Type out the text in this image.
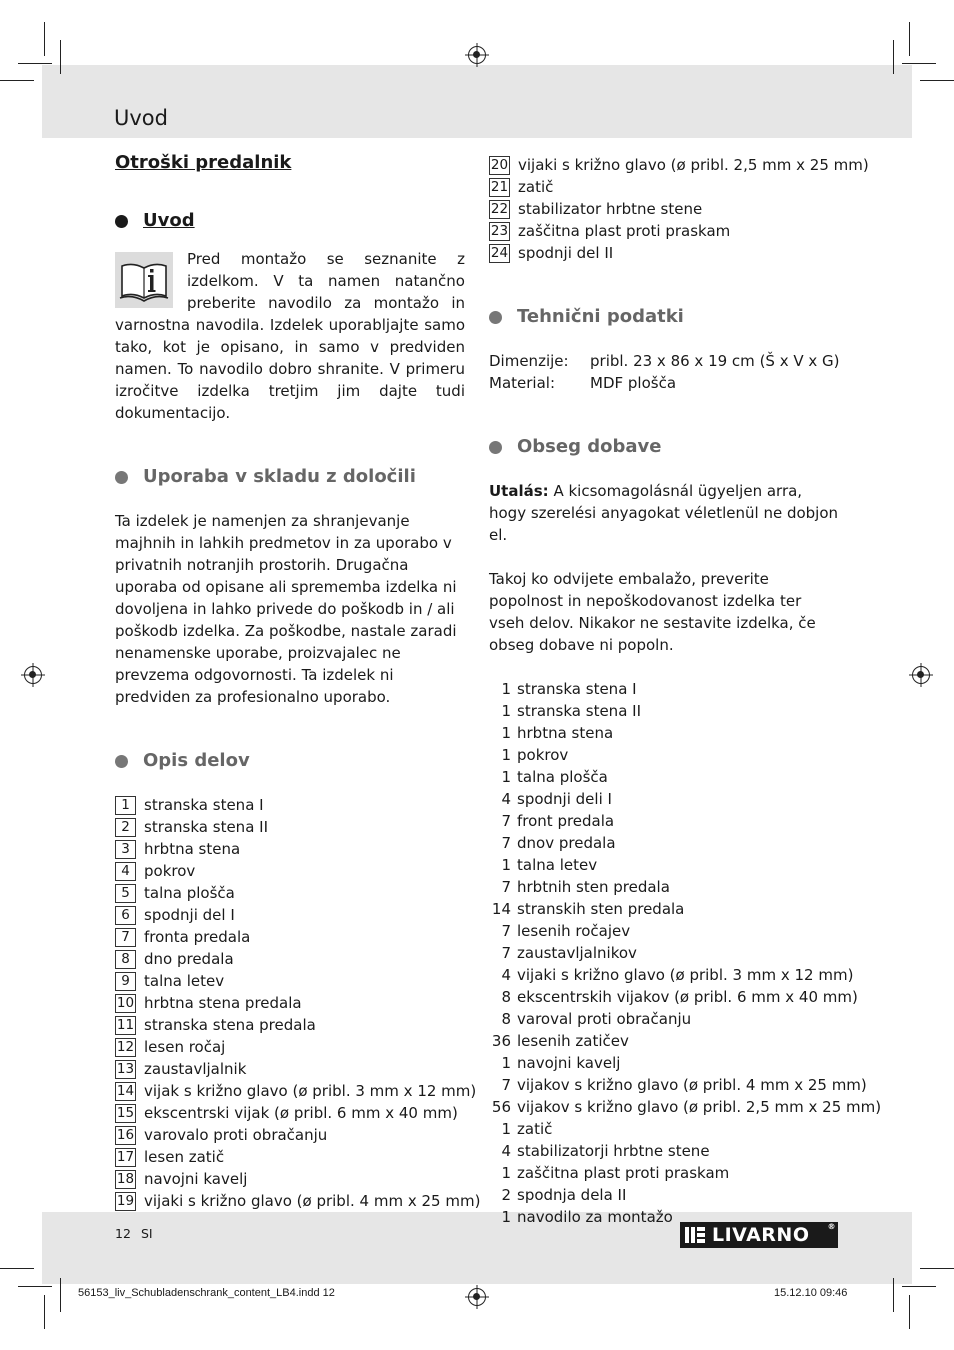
Uvod
Otroški predalnik
Uvod

Pred montažo se seznanite z izdelkom. V ta namen natančno preberite navodilo za montažo in varnostna navodila. Izdelek uporabljajte samo tako, kot je opisano, in samo v predviden namen. To navodilo dobro shranite. V primeru izročitve izdelka tretjim jim dajte tudi dokumentacijo.

Uporaba v skladu z določili

Ta izdelek je namenjen za shranjevanje majhnih in lahkih predmetov in za uporabo v privatnih notranjih prostorih. Drugačna uporaba od opisane ali sprememba izdelka ni dovoljena in lahko privede do poškodb in / ali poškodb izdelka. Za poškodbe, nastale zaradi nenamenske uporabe, proizvajalec ne prevzema odgovornosti. Ta izdelek ni predviden za profesionalno uporabo.

Opis delov
1 stranska stena I
2 stranska stena II
3 hrbtna stena
4 pokrov
5 talna plošča
6 spodnji del I
7 fronta predala
8 dno predala
9 talna letev
10 hrbtna stena predala
11 stranska stena predala
12 lesen ročaj
13 zaustavljalnik
14 vijak s križno glavo (ø pribl. 3 mm x 12 mm)
15 ekscentrski vijak (ø pribl. 6 mm x 40 mm)
16 varovalo proti obračanju
17 lesen zatič
18 navojni kavelj
19 vijaki s križno glavo (ø pribl. 4 mm x 25 mm)
20 vijaki s križno glavo (ø pribl. 2,5 mm x 25 mm)
21 zatič
22 stabilizator hrbtne stene
23 zaščitna plast proti praskam
24 spodnji del II
Tehnični podatki
Dimenzije:	pribl. 23 x 86 x 19 cm (Š x V x G)
Material:	MDF plošča
Obseg dobave

Utalás: A kicsomagolásnál ügyeljen arra, hogy szerelési anyagokat véletlenül ne dobjon el.

Takoj ko odvijete embalažo, preverite popolnost in nepoškodovanost izdelka ter vseh delov. Nikakor ne sestavite izdelka, če obseg dobave ni popoln.

1 stranska stena I
1 stranska stena II
1 hrbtna stena
1 pokrov
1 talna plošča
4 spodnji deli I
7 front predala
7 dnov predala
1 talna letev
7 hrbtnih sten predala
14 stranskih sten predala
7 lesenih ročajev
7 zaustavljalnikov
4 vijaki s križno glavo (ø pribl. 3 mm x 12 mm)
8 ekscentrskih vijakov (ø pribl. 6 mm x 40 mm)
8 varoval proti obračanju
36 lesenih zatičev
1 navojni kavelj
7 vijakov s križno glavo (ø pribl. 4 mm x 25 mm)
56 vijakov s križno glavo (ø pribl. 2,5 mm x 25 mm)
1 zatič
4 stabilizatorji hrbtne stene
1 zaščitna plast proti praskam
2 spodnja dela II
1 navodilo za montažo
12 SI	LIVARNO ®
56153_liv_Schubladenschrank_content_LB4.indd 12	15.12.10 09:46
